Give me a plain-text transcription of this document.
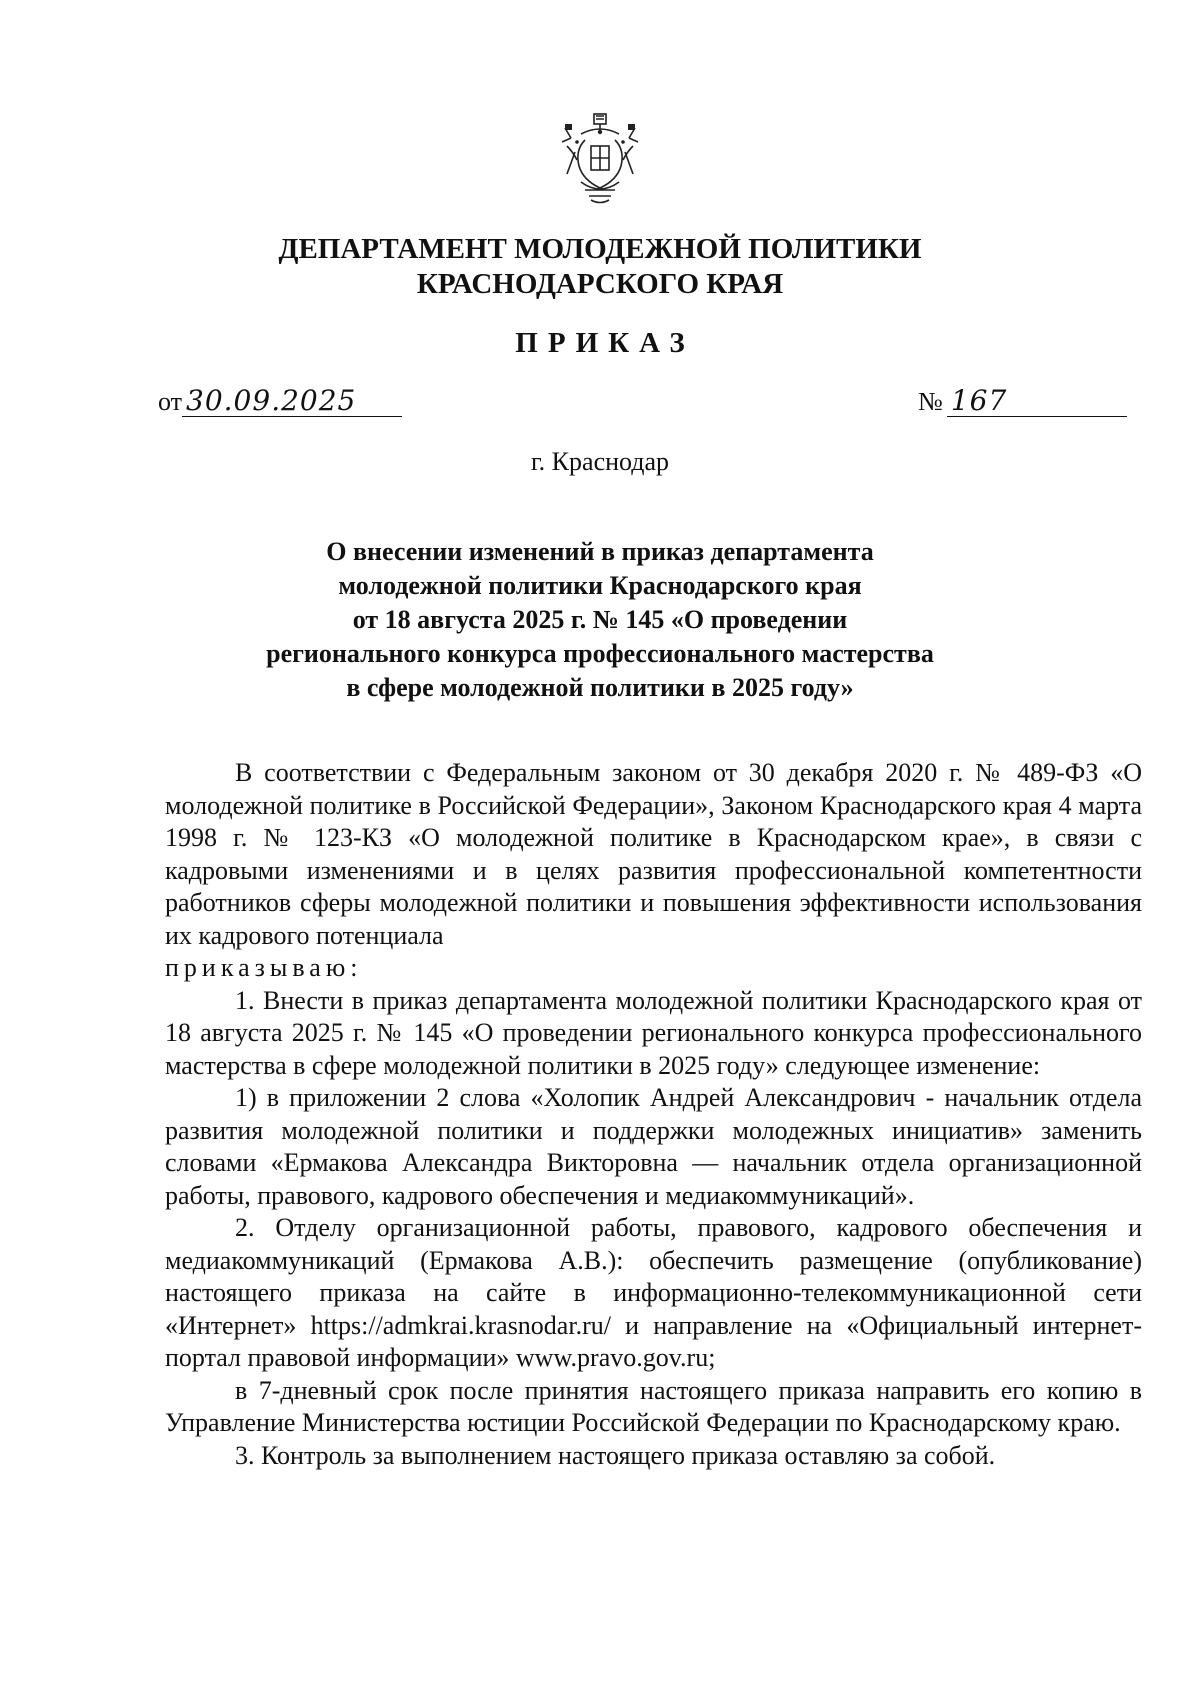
ДЕПАРТАМЕНТ МОЛОДЕЖНОЙ ПОЛИТИКИ
КРАСНОДАРСКОГО КРАЯ
ПРИКАЗ
от 30.09.2025	№ 167
г. Краснодар
О внесении изменений в приказ департамента
молодежной политики Краснодарского края
от 18 августа 2025 г. № 145 «О проведении
регионального конкурса профессионального мастерства
в сфере молодежной политики в 2025 году»

В соответствии с Федеральным законом от 30 декабря 2020 г. № 489-ФЗ «О молодежной политике в Российской Федерации», Законом Краснодарского края 4 марта 1998 г. № 123-КЗ «О молодежной политике в Краснодарском крае», в связи с кадровыми изменениями и в целях развития профессиональной компетентности работников сферы молодежной политики и повышения эффективности использования их кадрового потенциала

приказываю:

1. Внести в приказ департамента молодежной политики Краснодарского края от 18 августа 2025 г. № 145 «О проведении регионального конкурса профессионального мастерства в сфере молодежной политики в 2025 году» следующее изменение:

1) в приложении 2 слова «Холопик Андрей Александрович - начальник отдела развития молодежной политики и поддержки молодежных инициатив» заменить словами «Ермакова Александра Викторовна — начальник отдела организационной работы, правового, кадрового обеспечения и медиакоммуникаций».

2. Отделу организационной работы, правового, кадрового обеспечения и медиакоммуникаций (Ермакова А.В.): обеспечить размещение (опубликование) настоящего приказа на сайте в информационно-телекоммуникационной сети «Интернет» https://admkrai.krasnodar.ru/ и направление на «Официальный интернет-портал правовой информации» www.pravo.gov.ru;

в 7-дневный срок после принятия настоящего приказа направить его копию в Управление Министерства юстиции Российской Федерации по Краснодарскому краю.

3. Контроль за выполнением настоящего приказа оставляю за собой.
